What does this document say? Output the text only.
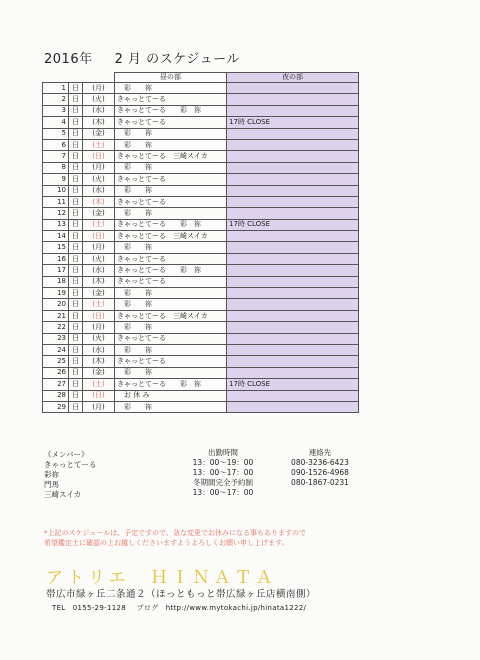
2016年 2 月 のスケジュール
			昼の部	夜の部
1	日	(月)	　彩　　祢	
2	日	(火)	きゃっとてーる	
3	日	(水)	きゃっとてーる　　彩　祢	
4	日	(木)	きゃっとてーる	17時 CLOSE
5	日	(金)	　彩　　祢	
6	日	(土)	　彩　　祢	
7	日	(日)	きゃっとてーる　三崎スイカ	
8	日	(月)	　彩　　祢	
9	日	(火)	きゃっとてーる	
10	日	(水)	　彩　　祢	
11	日	(木)	きゃっとてーる	
12	日	(金)	　彩　　祢	
13	日	(土)	きゃっとてーる　　彩　祢	17時 CLOSE
14	日	(日)	きゃっとてーる　三崎スイカ	
15	日	(月)	　彩　　祢	
16	日	(火)	きゃっとてーる	
17	日	(水)	きゃっとてーる　　彩　祢	
18	日	(木)	きゃっとてーる	
19	日	(金)	　彩　　祢	
20	日	(土)	　彩　　祢	
21	日	(日)	きゃっとてーる　三崎スイカ	
22	日	(月)	　彩　　祢	
23	日	(火)	きゃっとてーる	
24	日	(水)	　彩　　祢	
25	日	(木)	きゃっとてーる	
26	日	(金)	　彩　　祢	
27	日	(土)	きゃっとてーる　　彩　祢	17時 CLOSE
28	日	(日)	　お 休 み	
29	日	(月)	　彩　　祢	
《メンバー》
きゃっとてーる
彩祢
門馬
三崎スイカ
出勤時間
13：00～19：00
13：00～17：00
冬期間完全予約制
13：00～17：00
連絡先
080-3236-6423
090-1526-4968
080-1867-0231
*上記のスケジュールは、予定ですので、急な変更でお休みになる事もありますので
希望鑑定士に確認の上お越しくださいますようよろしくお願い申し上げます。
アトリエ　ＨＩＮＡＴＡ
帯広市緑ヶ丘二条通２（ほっともっと帯広緑ヶ丘店横南側）
TEL　0155-29-1128 ブログ　http://www.mytokachi.jp/hinata1222/
